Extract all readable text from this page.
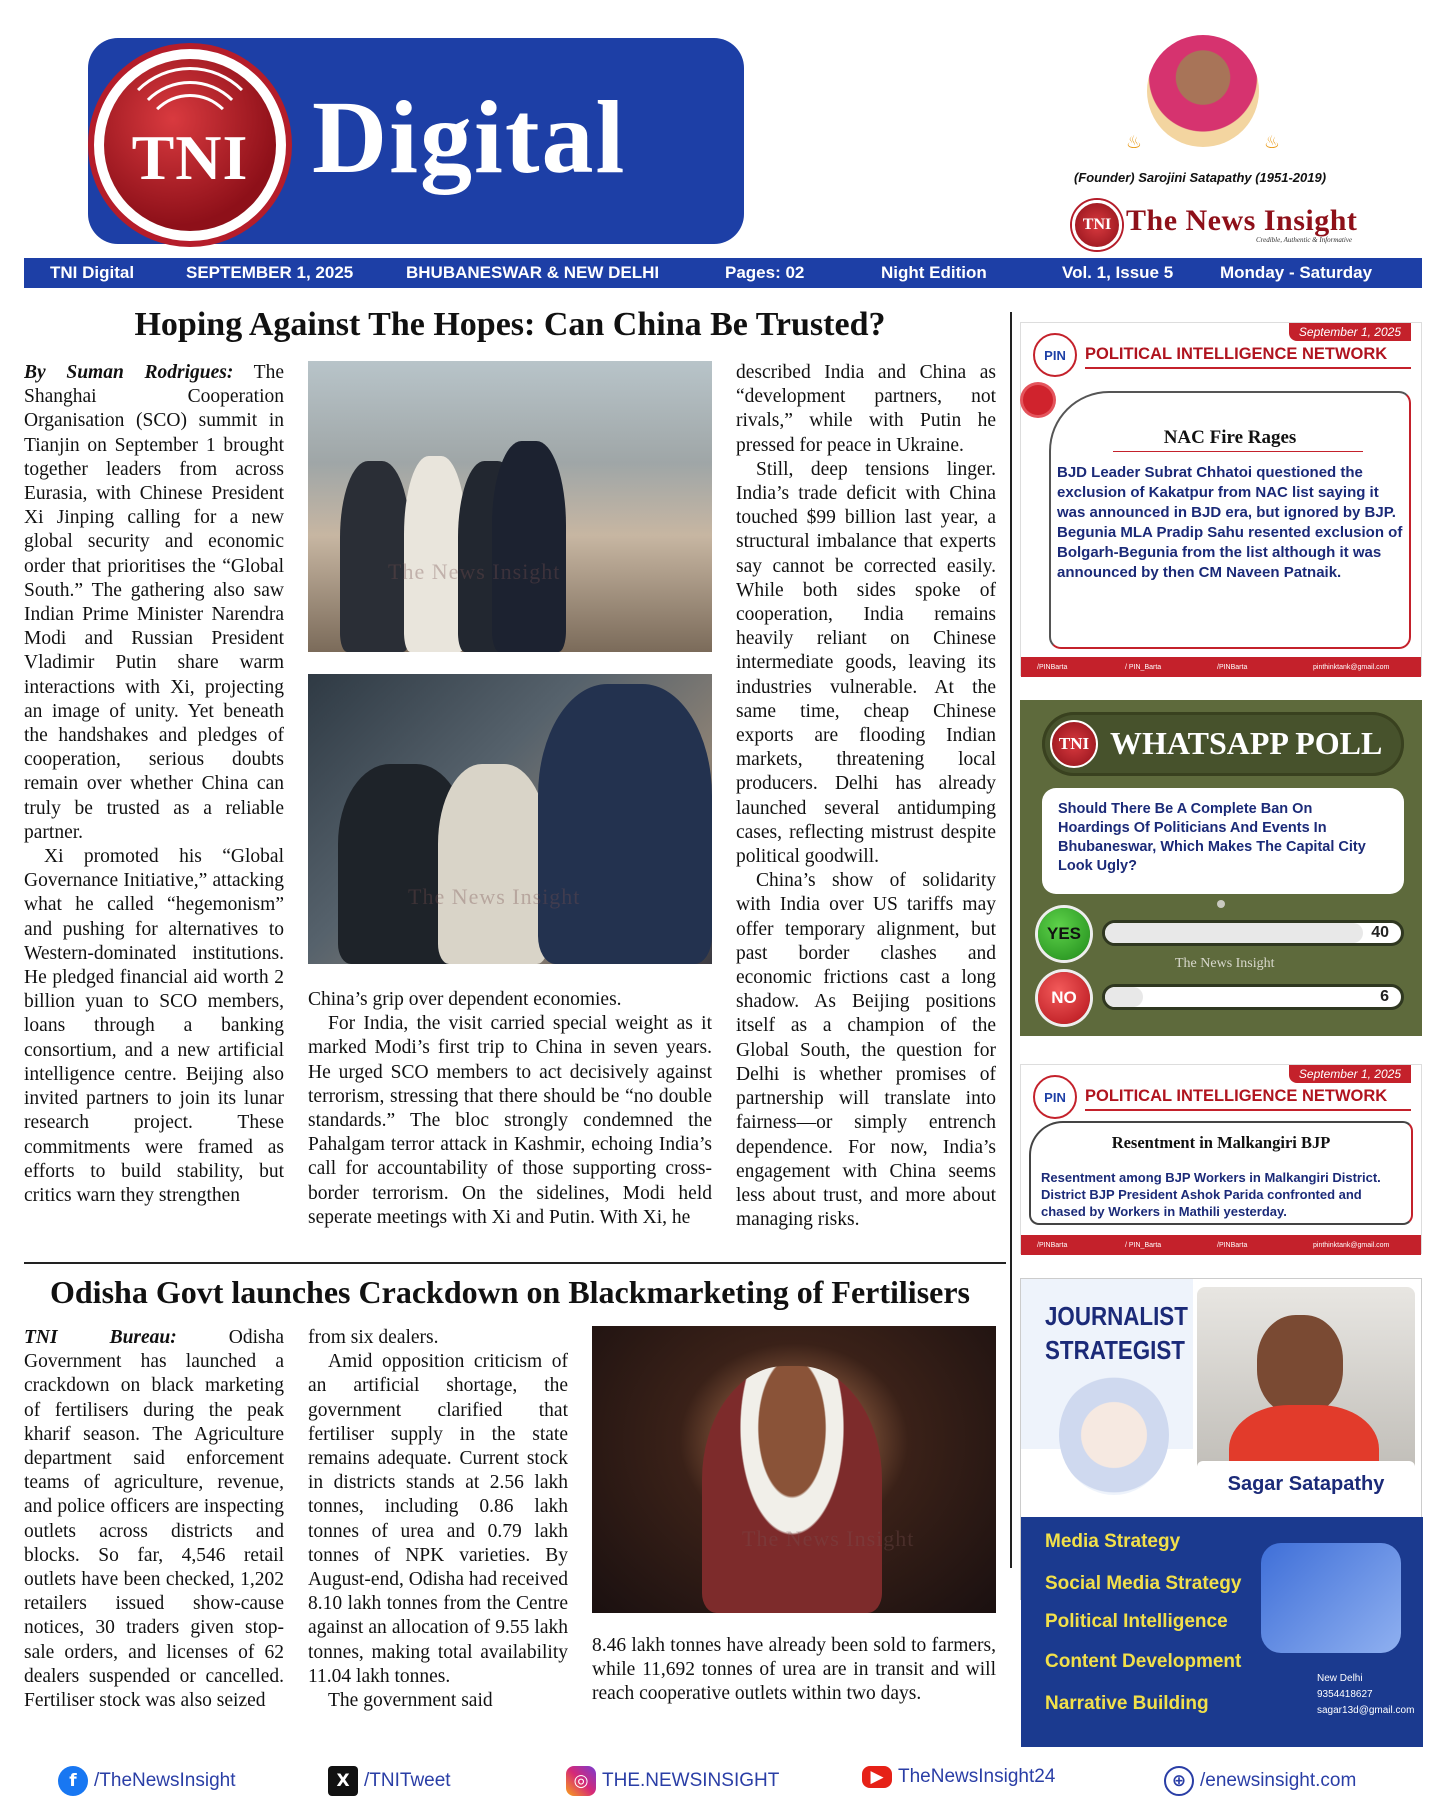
TNI Digital	♨	♨
(Founder) Sarojini Satapathy (1951-2019)
TNI The News Insight
Credible, Authentic & Informative
TNI Digital	SEPTEMBER 1, 2025	BHUBANESWAR & NEW DELHI	Pages: 02	Night Edition	Vol. 1, Issue 5	Monday - Saturday
Hoping Against The Hopes: Can China Be Trusted?

By Suman Rodrigues: The Shanghai Cooperation Organisation (SCO) summit in Tianjin on September 1 brought together leaders from across Eurasia, with Chinese President Xi Jinping calling for a new global security and economic order that prioritises the “Global South.” The gathering also saw Indian Prime Minister Narendra Modi and Russian President Vladimir Putin share warm interactions with Xi, projecting an image of unity. Yet beneath the handshakes and pledges of cooperation, serious doubts remain over whether China can truly be trusted as a reliable partner.

Xi promoted his “Global Governance Initiative,” attacking what he called “hegemonism” and pushing for alternatives to Western-dominated institutions. He pledged financial aid worth 2 billion yuan to SCO members, loans through a banking consortium, and a new artificial intelligence centre. Beijing also invited partners to join its lunar research project. These commitments were framed as efforts to build stability, but critics warn they strengthen

The News Insight
The News Insight

China’s grip over dependent economies.

For India, the visit carried special weight as it marked Modi’s first trip to China in seven years. He urged SCO members to act decisively against terrorism, stressing that there should be “no double standards.” The bloc strongly condemned the Pahalgam terror attack in Kashmir, echoing India’s call for accountability of those supporting cross- border terrorism. On the sidelines, Modi held seperate meetings with Xi and Putin. With Xi, he

described India and China as “development partners, not rivals,” while with Putin he pressed for peace in Ukraine.

Still, deep tensions linger. India’s trade deficit with China touched $99 billion last year, a structural imbalance that experts say cannot be corrected easily. While both sides spoke of cooperation, India remains heavily reliant on Chinese intermediate goods, leaving its industries vulnerable. At the same time, cheap Chinese exports are flooding Indian markets, threatening local producers. Delhi has already launched several antidumping cases, reflecting mistrust despite political goodwill.

China’s show of solidarity with India over US tariffs may offer temporary alignment, but past border clashes and economic frictions cast a long shadow. As Beijing positions itself as a champion of the Global South, the question for Delhi is whether promises of partnership will translate into fairness—or simply entrench dependence. For now, India’s engagement with China seems less about trust, and more about managing risks.

Odisha Govt launches Crackdown on Blackmarketing of Fertilisers

TNI Bureau: Odisha Government has launched a crackdown on black marketing of fertilisers during the peak kharif season. The Agriculture department said enforcement teams of agriculture, revenue, and police officers are inspecting outlets across districts and blocks. So far, 4,546 retail outlets have been checked, 1,202 retailers issued show-cause notices, 30 traders given stop-sale orders, and licenses of 62 dealers suspended or cancelled. Fertiliser stock was also seized

from six dealers.

Amid opposition criticism of an artificial shortage, the government clarified that fertiliser supply in the state remains adequate. Current stock in districts stands at 2.56 lakh tonnes, including 0.86 lakh tonnes of urea and 0.79 lakh tonnes of NPK varieties. By August-end, Odisha had received 8.10 lakh tonnes from the Centre against an allocation of 9.55 lakh tonnes, making total availability 11.04 lakh tonnes.

The government said

The News Insight

8.46 lakh tonnes have already been sold to farmers, while 11,692 tonnes of urea are in transit and will reach cooperative outlets within two days.

September 1, 2025
PIN	POLITICAL INTELLIGENCE NETWORK
NAC Fire Rages
BJD Leader Subrat Chhatoi questioned the exclusion of Kakatpur from NAC list saying it was announced in BJD era, but ignored by BJP. Begunia MLA Pradip Sahu resented exclusion of Bolgarh-Begunia from the list although it was announced by then CM Naveen Patnaik.
/PINBarta	/ PIN_Barta	/PINBarta	pinthinktank@gmail.com
TNI WHATSAPP POLL
Should There Be A Complete Ban On Hoardings Of Politicians And Events In Bhubaneswar, Which Makes The Capital City Look Ugly?
YES	40
The News Insight
NO	6
September 1, 2025
PIN	POLITICAL INTELLIGENCE NETWORK
Resentment in Malkangiri BJP
Resentment among BJP Workers in Malkangiri District. District BJP President Ashok Parida confronted and chased by Workers in Mathili yesterday.
/PINBarta	/ PIN_Barta	/PINBarta	pinthinktank@gmail.com
JOURNALIST
STRATEGIST
Sagar Satapathy
Media Strategy
Social Media Strategy
Political Intelligence
Content Development
Narrative Building
New Delhi
9354418627
sagar13d@gmail.com
f /TheNewsInsight	X /TNITweet	◎ THE.NEWSINSIGHT	▶ TheNewsInsight24	⊕ /enewsinsight.com
